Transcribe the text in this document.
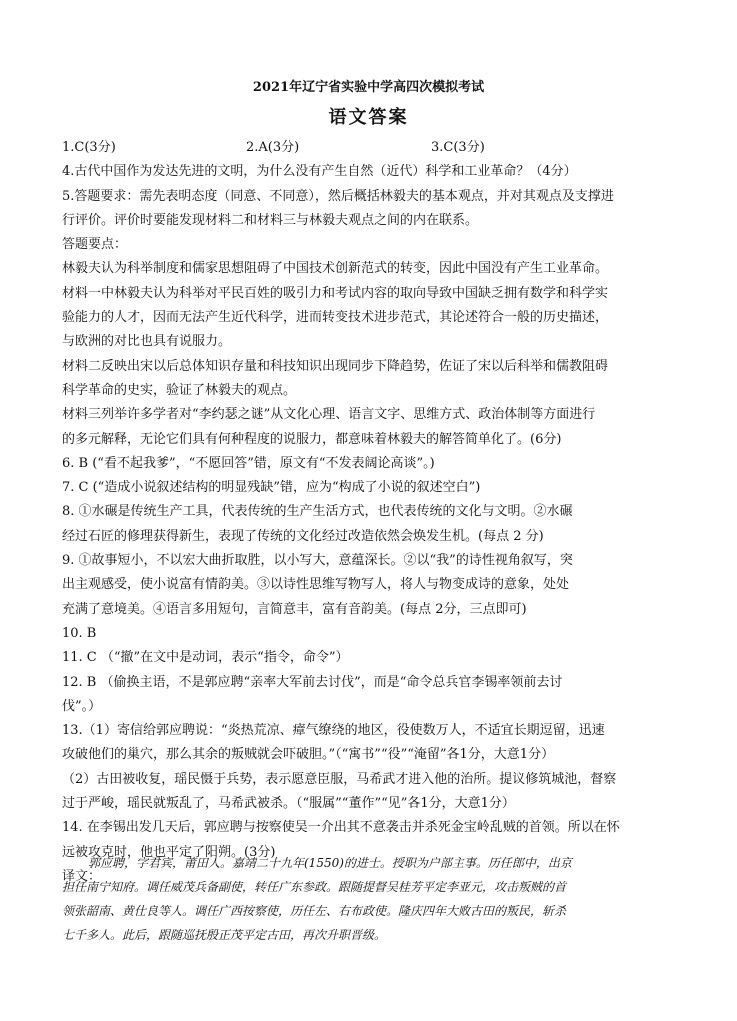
2021年辽宁省实验中学高四次模拟考试
语文答案
1.C(3分)	2.A(3分)	3.C(3分)
4.古代中国作为发达先进的文明，为什么没有产生自然（近代）科学和工业革命？（4分）
5.答题要求：需先表明态度（同意、不同意），然后概括林毅夫的基本观点，并对其观点及支撑进
行评价。评价时要能发现材料二和材料三与林毅夫观点之间的内在联系。
答题要点：
林毅夫认为科举制度和儒家思想阻碍了中国技术创新范式的转变，因此中国没有产生工业革命。
材料一中林毅夫认为科举对平民百姓的吸引力和考试内容的取向导致中国缺乏拥有数学和科学实
验能力的人才，因而无法产生近代科学，进而转变技术进步范式，其论述符合一般的历史描述，
与欧洲的对比也具有说服力。
材料二反映出宋以后总体知识存量和科技知识出现同步下降趋势，佐证了宋以后科举和儒教阻碍
科学革命的史实，验证了林毅夫的观点。
材料三列举许多学者对“李约瑟之谜”从文化心理、语言文字、思维方式、政治体制等方面进行
的多元解释，无论它们具有何种程度的说服力，都意味着林毅夫的解答简单化了。(6分)
6. B (“看不起我爹”，“不愿回答”错，原文有“不发表阔论高谈”。)
7. C (“造成小说叙述结构的明显残缺”错，应为“构成了小说的叙述空白”)
8. ①水碾是传统生产工具，代表传统的生产生活方式，也代表传统的文化与文明。②水碾
经过石匠的修理获得新生，表现了传统的文化经过改造依然会焕发生机。(每点 2 分)
9. ①故事短小，不以宏大曲折取胜，以小写大，意蕴深长。②以“我”的诗性视角叙写，突
出主观感受，使小说富有情韵美。③以诗性思维写物写人，将人与物变成诗的意象，处处
充满了意境美。④语言多用短句，言简意丰，富有音韵美。(每点 2分，三点即可)
10. B
11. C （“撤”在文中是动词，表示“指令，命令”）
12. B （偷换主语，不是郭应聘“亲率大军前去讨伐”，而是“命令总兵官李锡率领前去讨
伐”。）
13.（1）寄信给郭应聘说：“炎热荒凉、瘴气缭绕的地区，役使数万人，不适宜长期逗留，迅速
攻破他们的巢穴，那么其余的叛贼就会吓破胆。”（“寓书”“役”“淹留”各1分，大意1分）
（2）古田被收复，瑶民慑于兵势，表示愿意臣服，马希武才进入他的治所。提议修筑城池，督察
过于严峻，瑶民就叛乱了，马希武被杀。（“服属”“董作”“见”各1分，大意1分）
14. 在李锡出发几天后，郭应聘与按察使吴一介出其不意袭击并杀死金宝岭乱贼的首领。所以在怀
远被攻克时，他也平定了阳朔。(3分)
译文：
郭应聘，字君宾，莆田人。嘉靖二十九年(1550)的进士。授职为户部主事。历任郎中，出京
担任南宁知府。调任威茂兵备副使，转任广东参政。跟随提督吴桂芳平定李亚元，攻击叛贼的首
领张韶南、黄仕良等人。调任广西按察使，历任左、右布政使。隆庆四年大败古田的叛民，斩杀
七千多人。此后，跟随巡抚殷正茂平定古田，再次升职晋级。
